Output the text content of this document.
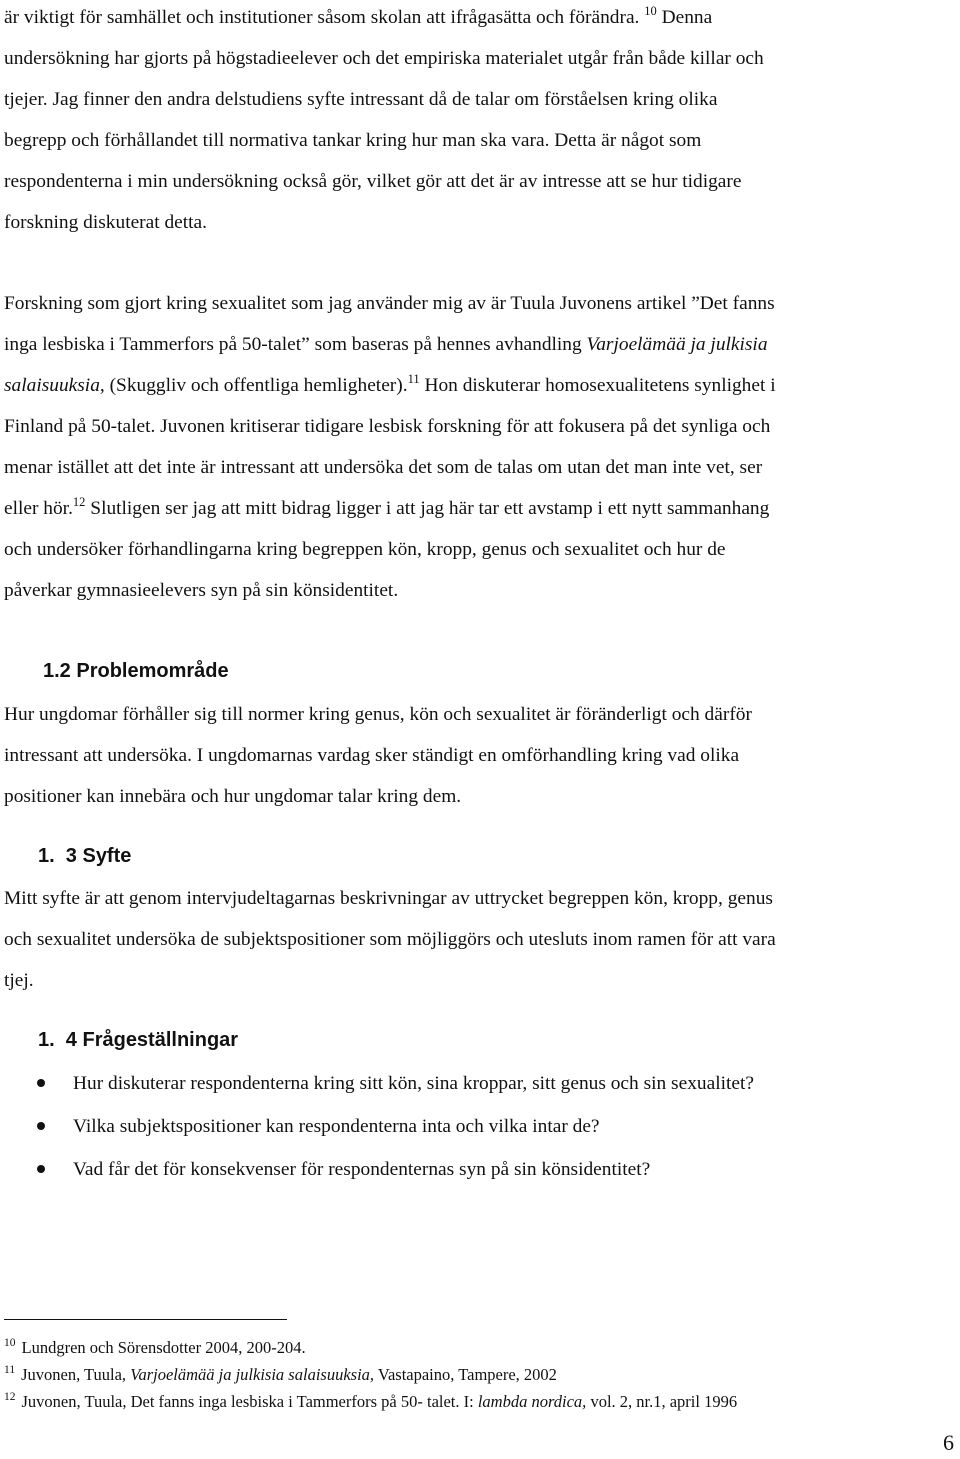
är viktigt för samhället och institutioner såsom skolan att ifrågasätta och förändra. $^{10}$ Denna
undersökning har gjorts på högstadieelever och det empiriska materialet utgår från både killar och
tjejer. Jag finner den andra delstudiens syfte intressant då de talar om förståelsen kring olika
begrepp och förhållandet till normativa tankar kring hur man ska vara. Detta är något som
respondenterna i min undersökning också gör, vilket gör att det är av intresse att se hur tidigare
forskning diskuterat detta.
Forskning som gjort kring sexualitet som jag använder mig av är Tuula Juvonens artikel ”Det fanns
inga lesbiska i Tammerfors på 50-talet” som baseras på hennes avhandling Varjoelämää ja julkisia
salaisuuksia, (Skuggliv och offentliga hemligheter).$^{11}$ Hon diskuterar homosexualitetens synlighet i
Finland på 50-talet. Juvonen kritiserar tidigare lesbisk forskning för att fokusera på det synliga och
menar istället att det inte är intressant att undersöka det som de talas om utan det man inte vet, ser
eller hör.$^{12}$ Slutligen ser jag att mitt bidrag ligger i att jag här tar ett avstamp i ett nytt sammanhang
och undersöker förhandlingarna kring begreppen kön, kropp, genus och sexualitet och hur de
påverkar gymnasieelevers syn på sin könsidentitet.
1.2 Problemområde
Hur ungdomar förhåller sig till normer kring genus, kön och sexualitet är föränderligt och därför
intressant att undersöka. I ungdomarnas vardag sker ständigt en omförhandling kring vad olika
positioner kan innebära och hur ungdomar talar kring dem.
1.  3 Syfte
Mitt syfte är att genom intervjudeltagarnas beskrivningar av uttrycket begreppen kön, kropp, genus
och sexualitet undersöka de subjektspositioner som möjliggörs och utesluts inom ramen för att vara
tjej.
1.  4 Frågeställningar
Hur diskuterar respondenterna kring sitt kön, sina kroppar, sitt genus och sin sexualitet?
Vilka subjektspositioner kan respondenterna inta och vilka intar de?
Vad får det för konsekvenser för respondenternas syn på sin könsidentitet?
$^{10}$ Lundgren och Sörensdotter 2004, 200-204.
$^{11}$ Juvonen, Tuula, Varjoelämää ja julkisia salaisuuksia, Vastapaino, Tampere, 2002
$^{12}$ Juvonen, Tuula, Det fanns inga lesbiska i Tammerfors på 50- talet. I: lambda nordica, vol. 2, nr.1, april 1996
6
